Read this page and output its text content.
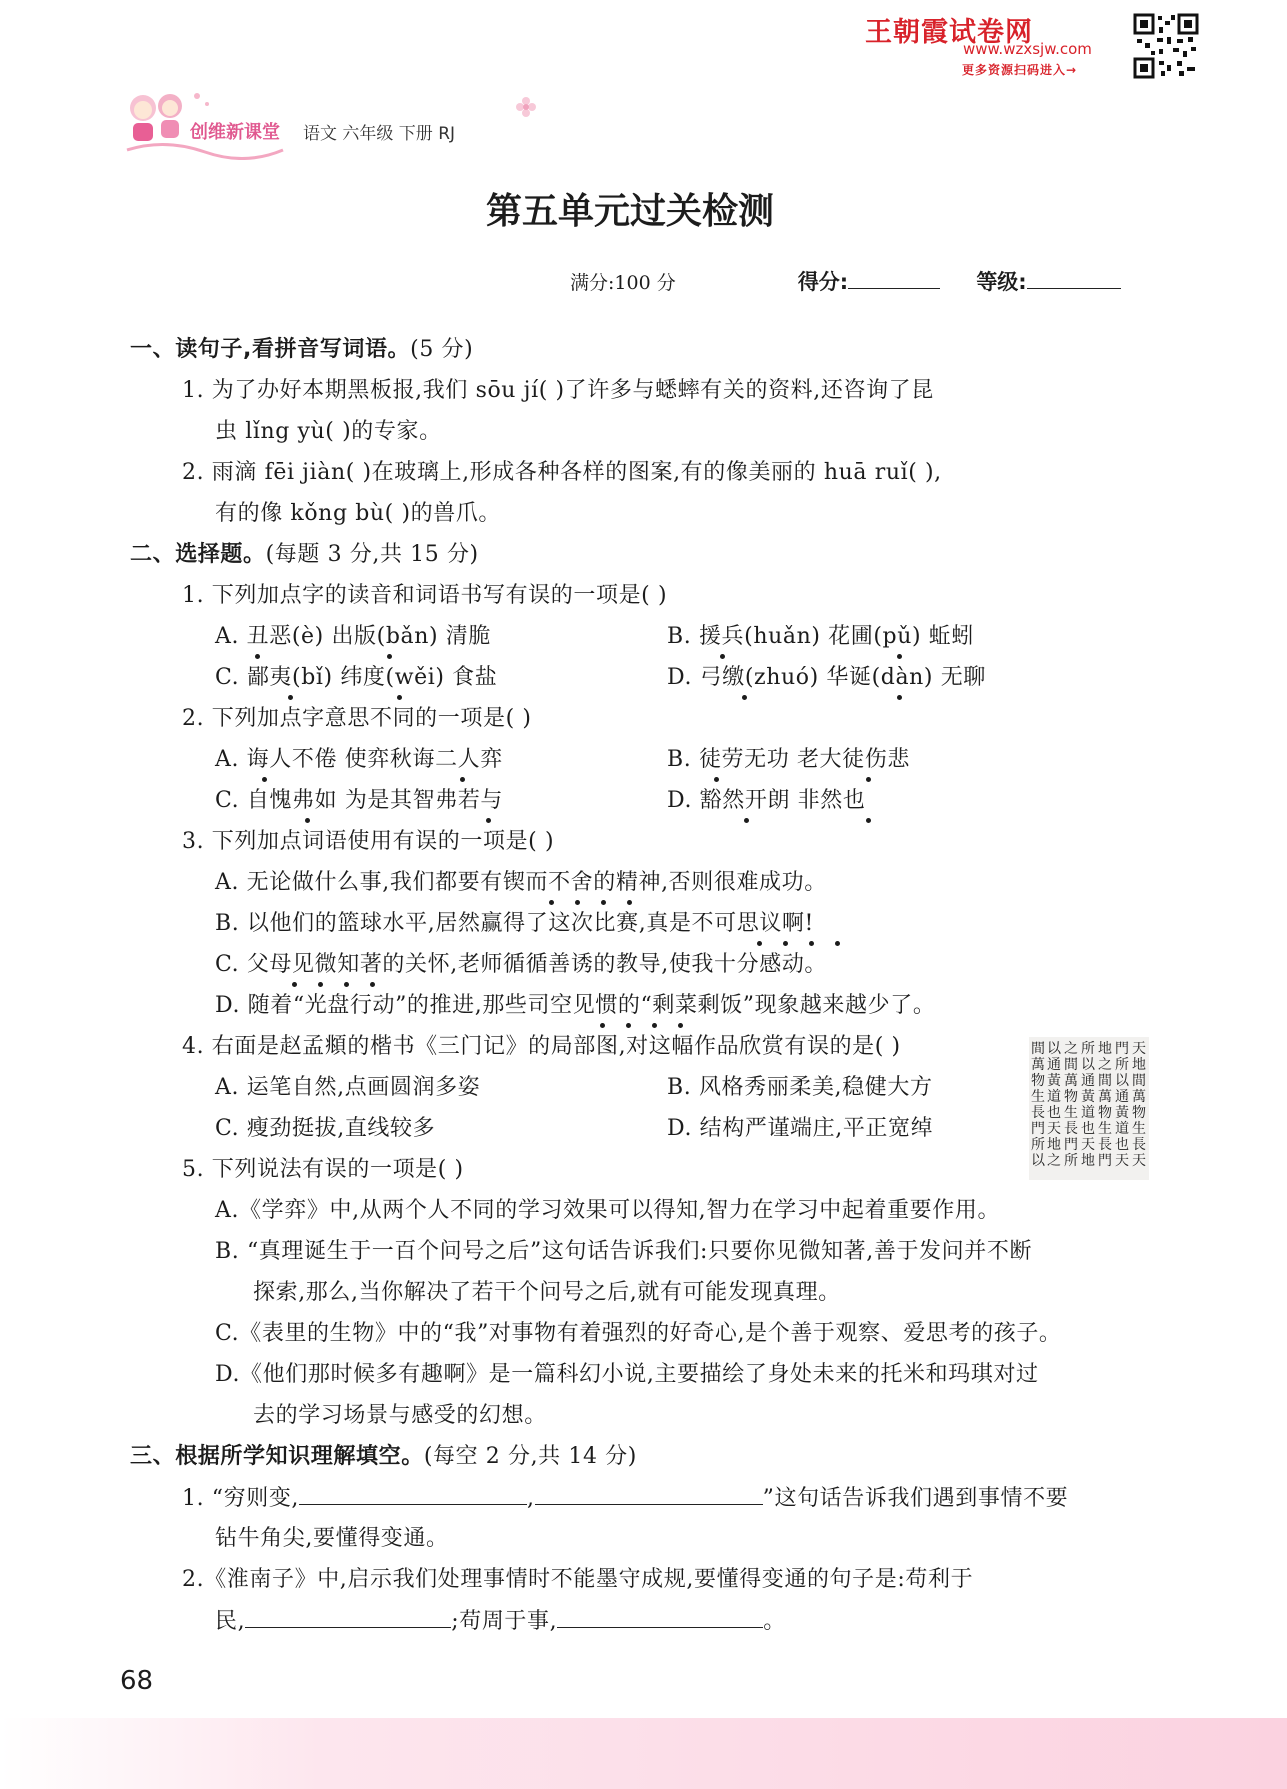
王朝霞试卷网
www.wzxsjw.com
更多资源扫码进入→
创维新课堂 语文 六年级 下册 RJ
第五单元过关检测
满分:100 分	得分:	等级:
一、读句子,看拼音写词语。(5 分)
1. 为了办好本期黑板报,我们 sōu jí( )了许多与蟋蟀有关的资料,还咨询了昆
虫 lǐng yù( )的专家。
2. 雨滴 fēi jiàn( )在玻璃上,形成各种各样的图案,有的像美丽的 huā ruǐ( ),
有的像 kǒng bù( )的兽爪。
二、选择题。(每题 3 分,共 15 分)
1. 下列加点字的读音和词语书写有误的一项是( )
A. 丑恶(è) 出版(bǎn) 清脆	B. 援兵(huǎn) 花圃(pǔ) 蚯蚓
C. 鄙夷(bǐ) 纬度(wěi) 食盐	D. 弓缴(zhuó) 华诞(dàn) 无聊
2. 下列加点字意思不同的一项是( )
A. 诲人不倦 使弈秋诲二人弈	B. 徒劳无功 老大徒伤悲
C. 自愧弗如 为是其智弗若与	D. 豁然开朗 非然也
3. 下列加点词语使用有误的一项是( )
A. 无论做什么事,我们都要有锲而不舍的精神,否则很难成功。
B. 以他们的篮球水平,居然赢得了这次比赛,真是不可思议啊!
C. 父母见微知著的关怀,老师循循善诱的教导,使我十分感动。
D. 随着“光盘行动”的推进,那些司空见惯的“剩菜剩饭”现象越来越少了。
4. 右面是赵孟頫的楷书《三门记》的局部图,对这幅作品欣赏有误的是( )
A. 运笔自然,点画圆润多姿	B. 风格秀丽柔美,稳健大方
C. 瘦劲挺拔,直线较多	D. 结构严谨端庄,平正宽绰
5. 下列说法有误的一项是( )
A.《学弈》中,从两个人不同的学习效果可以得知,智力在学习中起着重要作用。
B. “真理诞生于一百个问号之后”这句话告诉我们:只要你见微知著,善于发问并不断
探索,那么,当你解决了若干个问号之后,就有可能发现真理。
C.《表里的生物》中的“我”对事物有着强烈的好奇心,是个善于观察、爱思考的孩子。
D.《他们那时候多有趣啊》是一篇科幻小说,主要描绘了身处未来的托米和玛琪对过
去的学习场景与感受的幻想。
天
地
間
萬
物
生
長
天
門
所
以
通
黃
道
也
天
地
之
間
萬
物
生
長
門
所
以
通
黃
道
也
天
地
之
間
萬
物
生
長
門
所
以
通
黃
道
也
天
地
之
間
萬
物
生
長
門
所
以
三、根据所学知识理解填空。(每空 2 分,共 14 分)
1. “穷则变,	,	”这句话告诉我们遇到事情不要
钻牛角尖,要懂得变通。
2.《淮南子》中,启示我们处理事情时不能墨守成规,要懂得变通的句子是:苟利于
民,	;苟周于事,	。
68
